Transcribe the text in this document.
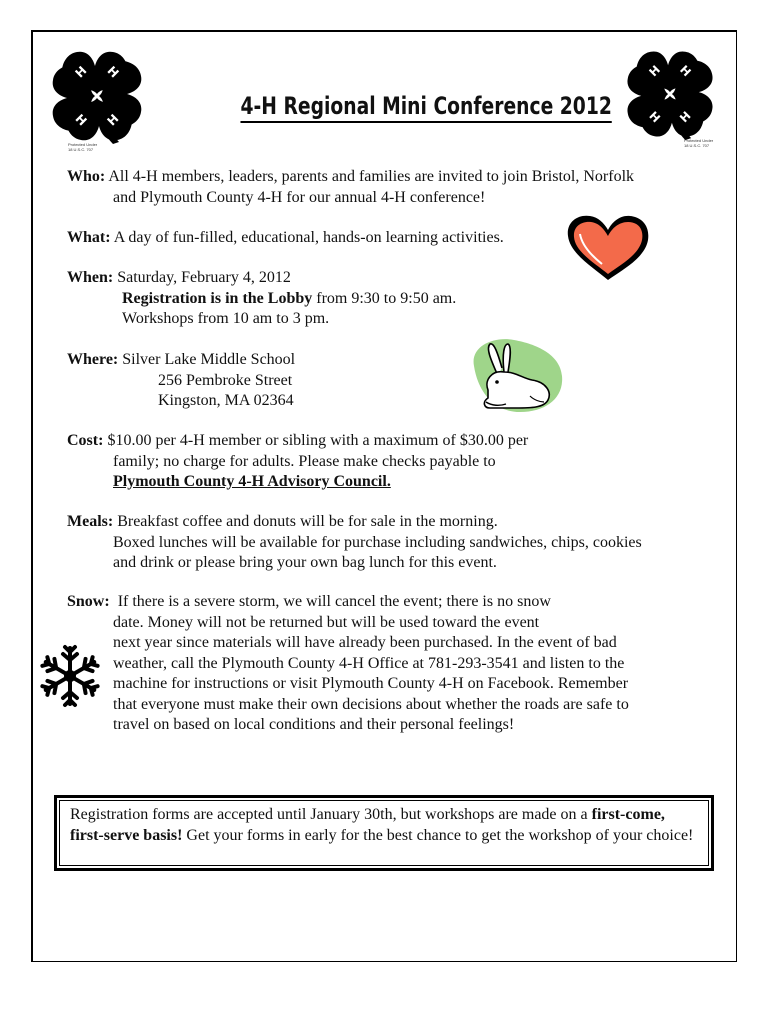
H H
H H
Protected Under
18 U.S.C. 707
H H
H H
Protected Under
18 U.S.C. 707
4-H Regional Mini Conference 2012
Who: All 4-H members, leaders, parents and families are invited to join Bristol, Norfolk
and Plymouth County 4-H for our annual 4-H conference!
What: A day of fun-filled, educational, hands-on learning activities.
When: Saturday, February 4, 2012
Registration is in the Lobby from 9:30 to 9:50 am.
Workshops from 10 am to 3 pm.
Where: Silver Lake Middle School
256 Pembroke Street
Kingston, MA 02364
Cost: $10.00 per 4-H member or sibling with a maximum of $30.00 per
family; no charge for adults. Please make checks payable to
Plymouth County 4-H Advisory Council.
Meals: Breakfast coffee and donuts will be for sale in the morning.
Boxed lunches will be available for purchase including sandwiches, chips, cookies
and drink or please bring your own bag lunch for this event.
Snow: If there is a severe storm, we will cancel the event; there is no snow
date. Money will not be returned but will be used toward the event
next year since materials will have already been purchased. In the event of bad
weather, call the Plymouth County 4-H Office at 781-293-3541 and listen to the
machine for instructions or visit Plymouth County 4-H on Facebook. Remember
that everyone must make their own decisions about whether the roads are safe to
travel on based on local conditions and their personal feelings!
Registration forms are accepted until January 30th, but workshops are made on a first-come, first-serve basis! Get your forms in early for the best chance to get the workshop of your choice!
